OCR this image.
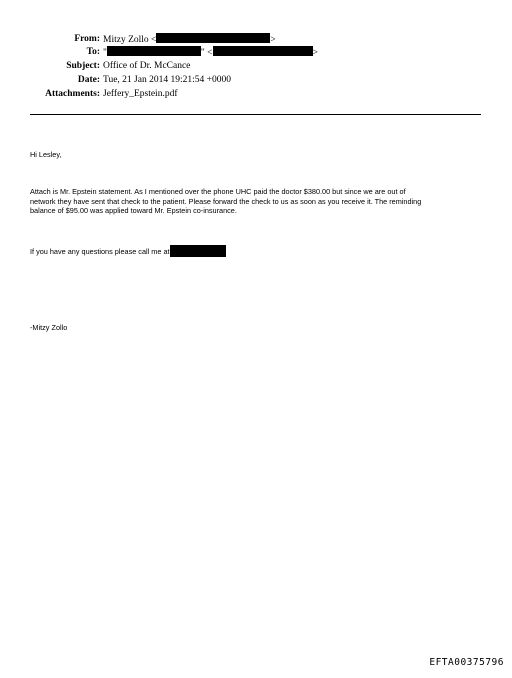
From: Mitzy Zollo <	>
To: "	" <	>
Subject: Office of Dr. McCance
Date: Tue, 21 Jan 2014 19:21:54 +0000
Attachments: Jeffery_Epstein.pdf
Hi Lesley,
Attach is Mr. Epstein statement. As I mentioned over the phone UHC paid the doctor $380.00 but since we are out of
network they have sent that check to the patient. Please forward the check to us as soon as you receive it. The reminding
balance of $95.00 was applied toward Mr. Epstein co-insurance.
If you have any questions please call me at
-Mitzy Zollo
EFTA00375796
